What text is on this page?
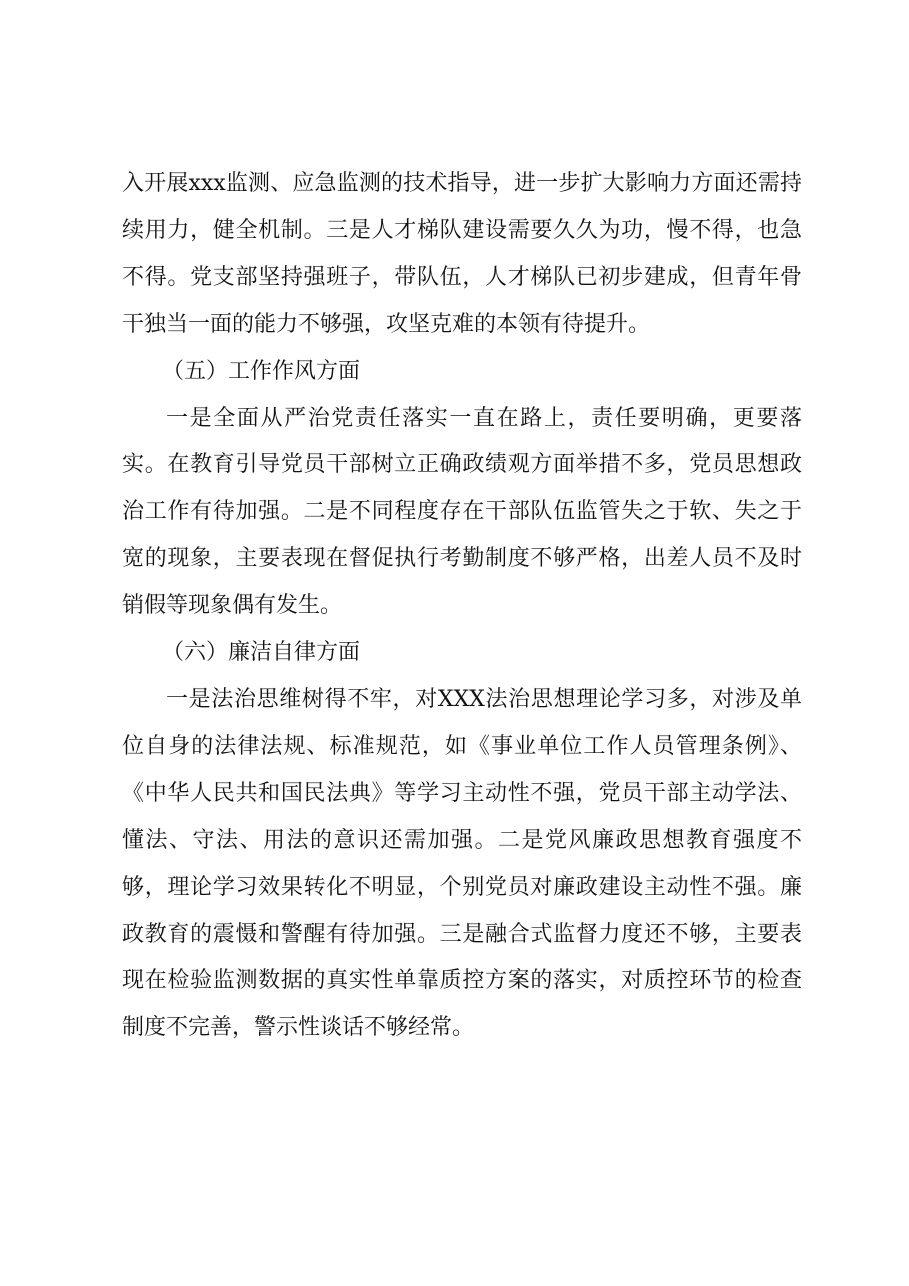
入开展xxx监测、应急监测的技术指导，进一步扩大影响力方面还需持续用力，健全机制。三是人才梯队建设需要久久为功，慢不得，也急不得。党支部坚持强班子，带队伍，人才梯队已初步建成，但青年骨干独当一面的能力不够强，攻坚克难的本领有待提升。

（五）工作作风方面

一是全面从严治党责任落实一直在路上，责任要明确，更要落实。在教育引导党员干部树立正确政绩观方面举措不多，党员思想政治工作有待加强。二是不同程度存在干部队伍监管失之于软、失之于宽的现象，主要表现在督促执行考勤制度不够严格，出差人员不及时销假等现象偶有发生。

（六）廉洁自律方面

一是法治思维树得不牢，对XXX法治思想理论学习多，对涉及单位自身的法律法规、标准规范，如《事业单位工作人员管理条例》、《中华人民共和国民法典》等学习主动性不强，党员干部主动学法、懂法、守法、用法的意识还需加强。二是党风廉政思想教育强度不够，理论学习效果转化不明显，个别党员对廉政建设主动性不强。廉政教育的震慑和警醒有待加强。三是融合式监督力度还不够，主要表现在检验监测数据的真实性单靠质控方案的落实，对质控环节的检查制度不完善，警示性谈话不够经常。
